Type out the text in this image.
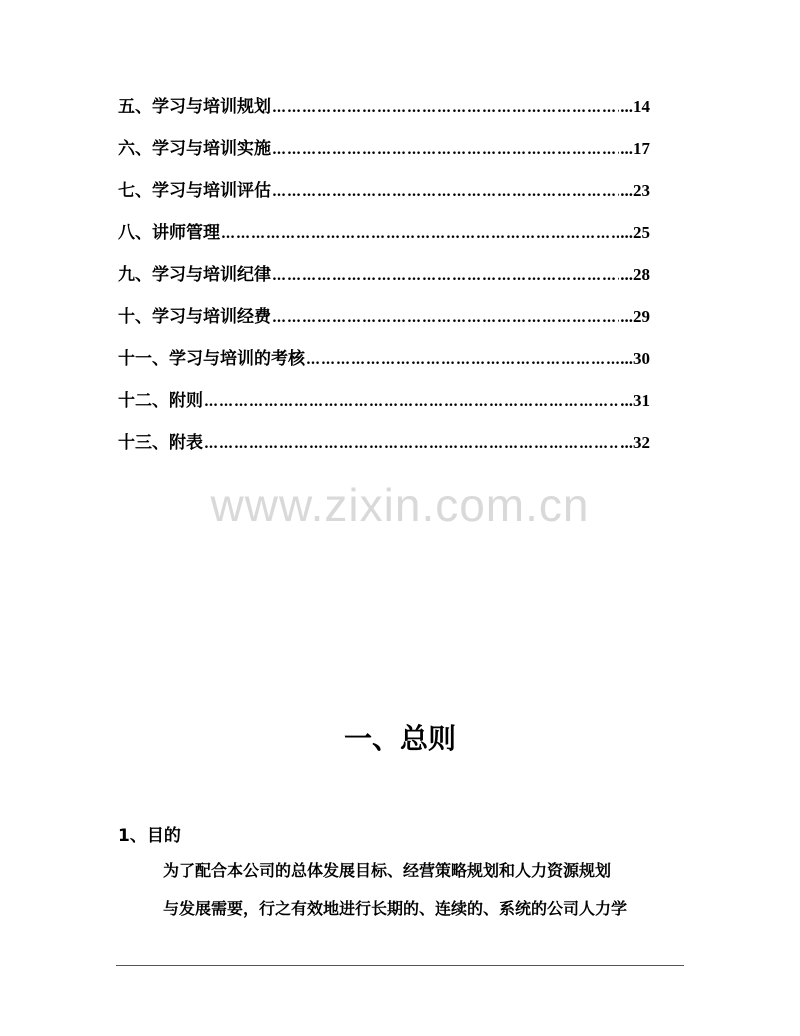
五、学习与培训规划 ………………………………………………………………………………………………………………………	...14
六、学习与培训实施 ………………………………………………………………………………………………………………………	...17
七、学习与培训评估 ………………………………………………………………………………………………………………………	...23
八、讲师管理 ………………………………………………………………………………………………………………………	...25
九、学习与培训纪律 ………………………………………………………………………………………………………………………	...28
十、学习与培训经费 ………………………………………………………………………………………………………………………	...29
十一、学习与培训的考核 ………………………………………………………………………………………………………………………	...30
十二、附则 ………………………………………………………………………………………………………………………	...31
十三、附表 ………………………………………………………………………………………………………………………	...32
www.zixin.com.cn
一、总则
1、目的
为了配合本公司的总体发展目标、经营策略规划和人力资源规划
与发展需要，行之有效地进行长期的、连续的、系统的公司人力学
